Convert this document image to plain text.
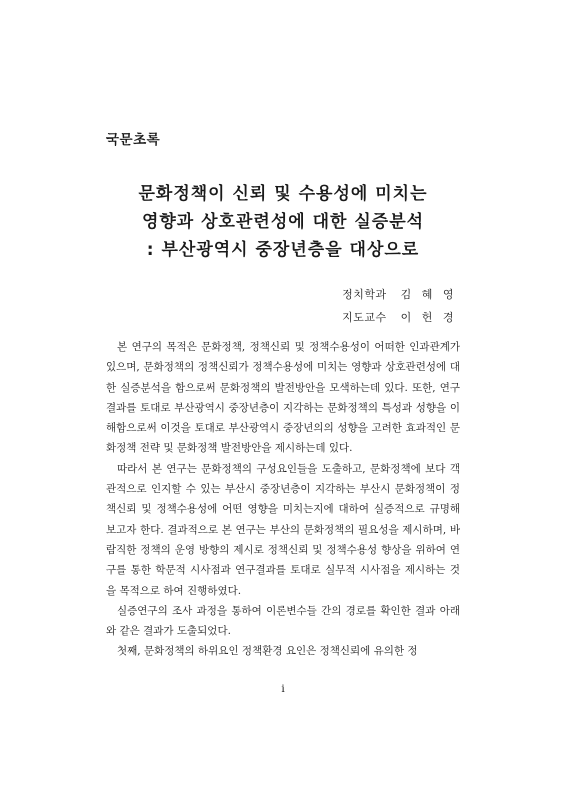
국문초록
문화정책이 신뢰 및 수용성에 미치는
영향과 상호관련성에 대한 실증분석
: 부산광역시 중장년층을 대상으로
정치학과 김 혜 영
지도교수 이 헌 경

본 연구의 목적은 문화정책, 정책신뢰 및 정책수용성이 어떠한 인과관계가 있으며, 문화정책의 정책신뢰가 정책수용성에 미치는 영향과 상호관련성에 대한 실증분석을 함으로써 문화정책의 발전방안을 모색하는데 있다. 또한, 연구결과를 토대로 부산광역시 중장년층이 지각하는 문화정책의 특성과 성향을 이해함으로써 이것을 토대로 부산광역시 중장년의의 성향을 고려한 효과적인 문화정책 전략 및 문화정책 발전방안을 제시하는데 있다.

따라서 본 연구는 문화정책의 구성요인들을 도출하고, 문화정책에 보다 객관적으로 인지할 수 있는 부산시 중장년층이 지각하는 부산시 문화정책이 정책신뢰 및 정책수용성에 어떤 영향을 미치는지에 대하여 실증적으로 규명해 보고자 한다. 결과적으로 본 연구는 부산의 문화정책의 필요성을 제시하며, 바람직한 정책의 운영 방향의 제시로 정책신뢰 및 정책수용성 향상을 위하여 연구를 통한 학문적 시사점과 연구결과를 토대로 실무적 시사점을 제시하는 것을 목적으로 하여 진행하였다.

실증연구의 조사 과정을 통하여 이론변수들 간의 경로를 확인한 결과 아래와 같은 결과가 도출되었다.

첫째, 문화정책의 하위요인 정책환경 요인은 정책신뢰에 유의한 정

i
